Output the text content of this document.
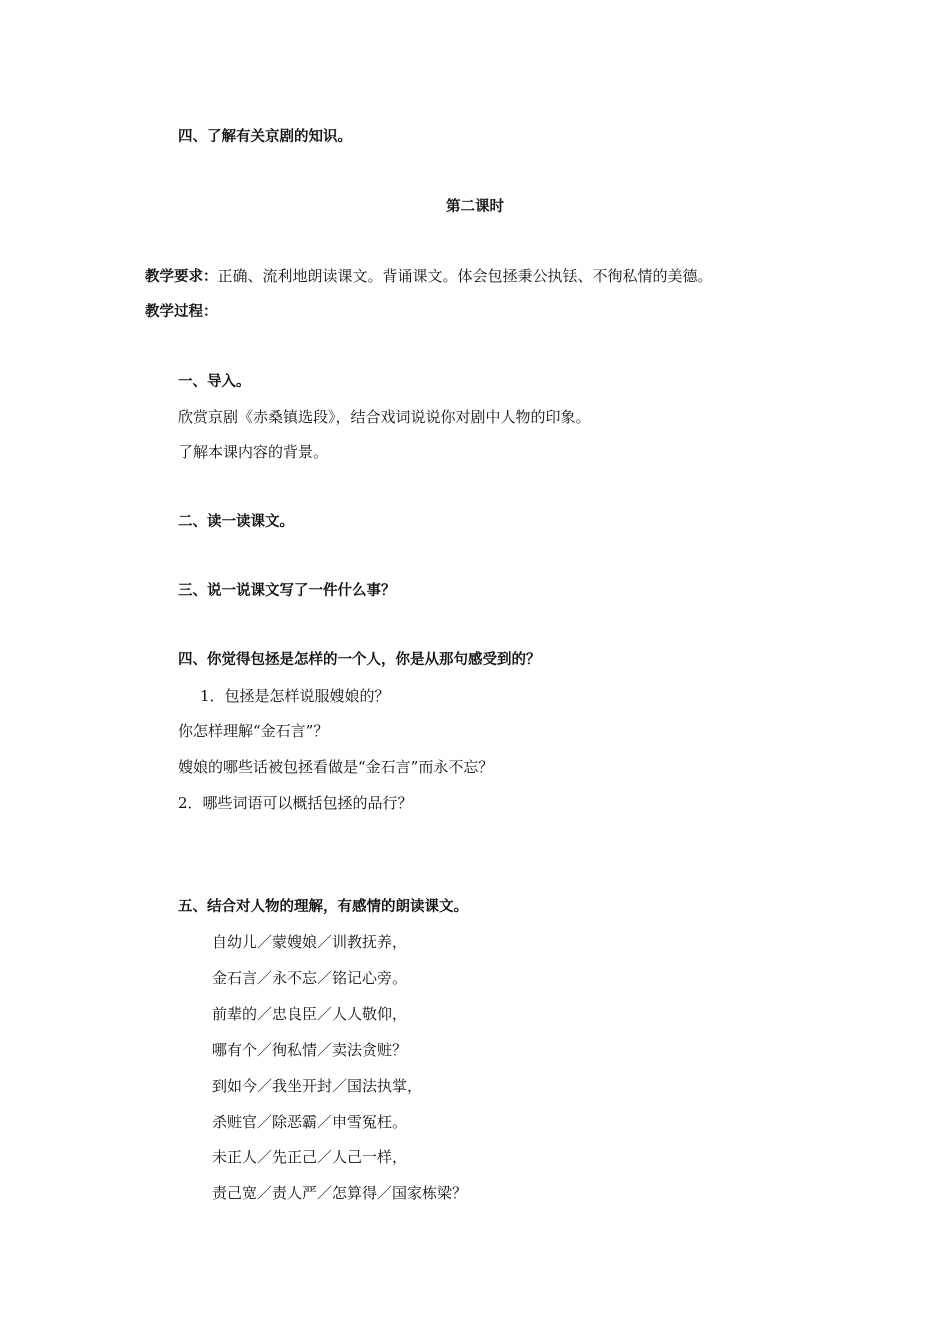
四、了解有关京剧的知识。
第二课时
教学要求：正确、流利地朗读课文。背诵课文。体会包拯秉公执铥、不徇私情的美德。
教学过程：
一、导入。
欣赏京剧《赤桑镇选段》，结合戏词说说你对剧中人物的印象。
了解本课内容的背景。
二、读一读课文。
三、说一说课文写了一件什么事？
四、你觉得包拯是怎样的一个人，你是从那句感受到的？
1．包拯是怎样说服嫂娘的？
你怎样理解“金石言”？
嫂娘的哪些话被包拯看做是“金石言”而永不忘？
2．哪些词语可以概括包拯的品行？
五、结合对人物的理解，有感情的朗读课文。
自幼儿／蒙嫂娘／训教抚养，
金石言／永不忘／铭记心旁。
前辈的／忠良臣／人人敬仰，
哪有个／徇私情／卖法贪赃？
到如今／我坐开封／国法执掌，
杀赃官／除恶霸／申雪冤枉。
未正人／先正己／人己一样，
责己宽／责人严／怎算得／国家栋梁？
